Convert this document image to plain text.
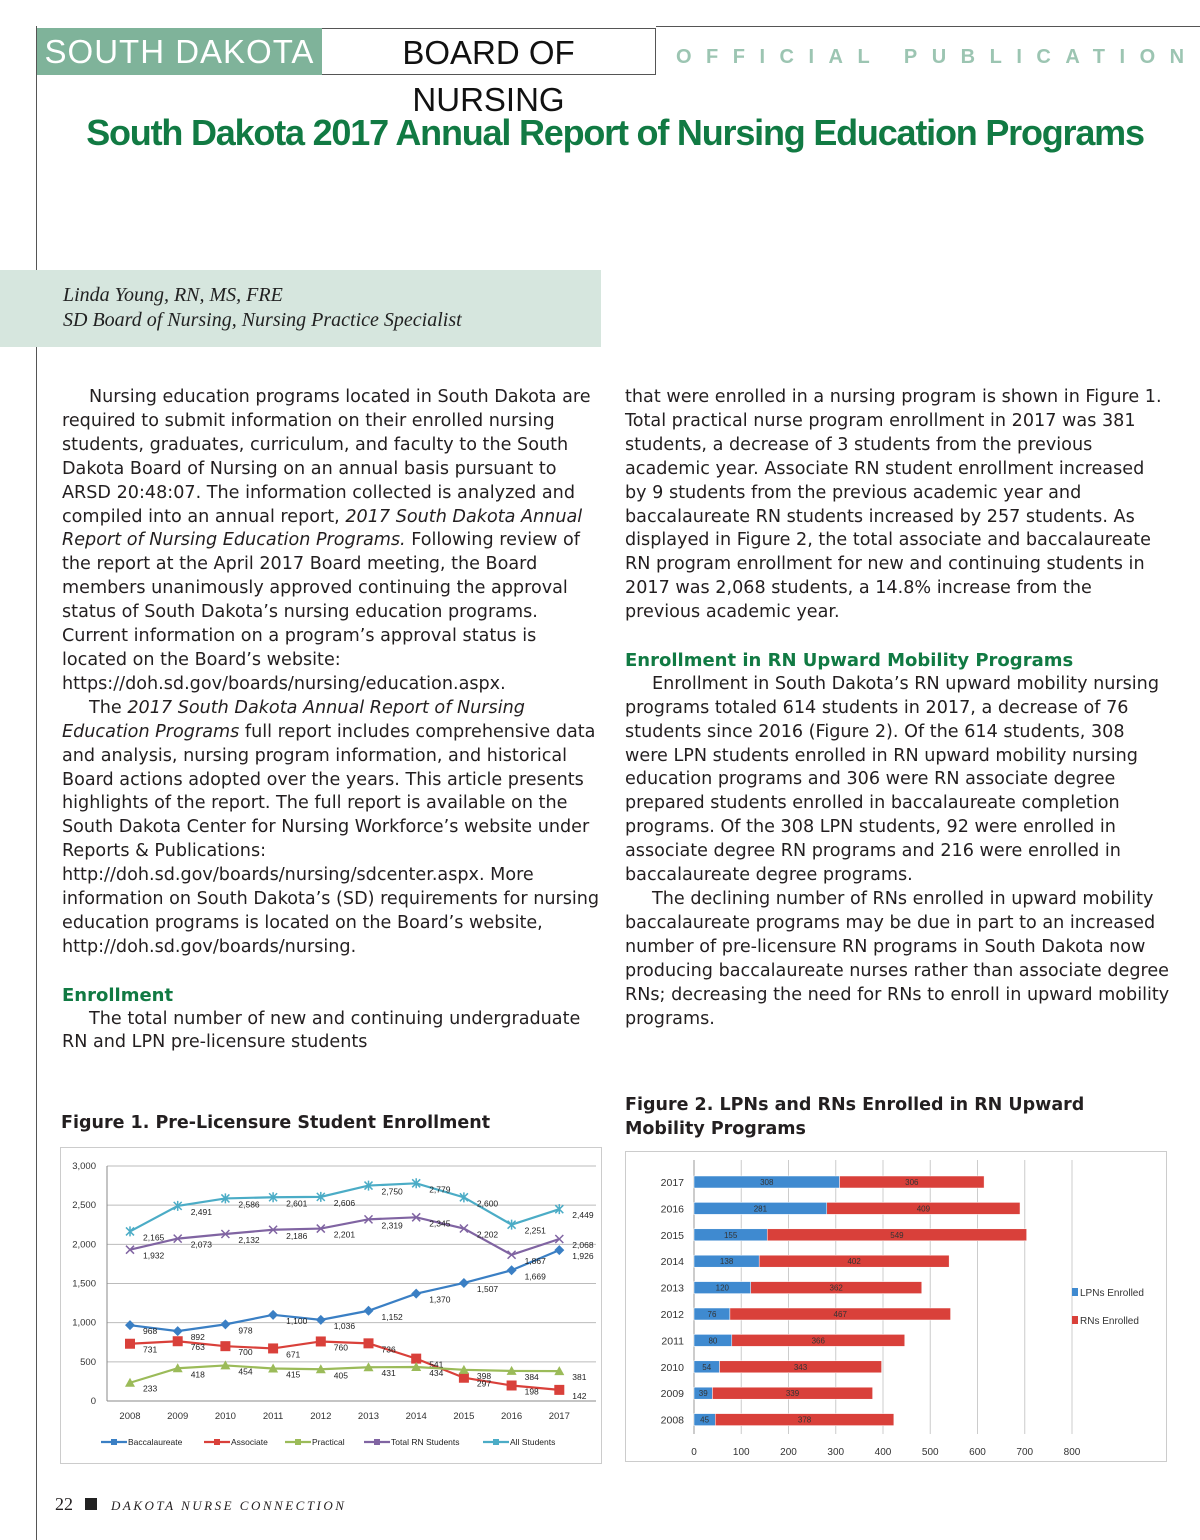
SOUTH DAKOTA	BOARD OF NURSING
OFFICIAL PUBLICATION
South Dakota 2017 Annual Report of Nursing Education Programs
Linda Young, RN, MS, FRE
SD Board of Nursing, Nursing Practice Specialist

Nursing education programs located in South Dakota are required to submit information on their enrolled nursing students, graduates, curriculum, and faculty to the South Dakota Board of Nursing on an annual basis pursuant to ARSD 20:48:07. The information collected is analyzed and compiled into an annual report, 2017 South Dakota Annual Report of Nursing Education Programs. Following review of the report at the April 2017 Board meeting, the Board members unanimously approved continuing the approval status of South Dakota’s nursing education programs. Current information on a program’s approval status is located on the Board’s website: https://doh.sd.gov/boards/nursing/education.aspx.

The 2017 South Dakota Annual Report of Nursing Education Programs full report includes comprehensive data and analysis, nursing program information, and historical Board actions adopted over the years. This article presents highlights of the report. The full report is available on the South Dakota Center for Nursing Workforce’s website under Reports & Publications: http://doh.sd.gov/boards/nursing/sdcenter.aspx. More information on South Dakota’s (SD) requirements for nursing education programs is located on the Board’s website, http://doh.sd.gov/boards/nursing.

Enrollment

The total number of new and continuing undergraduate RN and LPN pre-licensure students

that were enrolled in a nursing program is shown in Figure 1. Total practical nurse program enrollment in 2017 was 381 students, a decrease of 3 students from the previous academic year. Associate RN student enrollment increased by 9 students from the previous academic year and baccalaureate RN students increased by 257 students. As displayed in Figure 2, the total associate and baccalaureate RN program enrollment for new and continuing students in 2017 was 2,068 students, a 14.8% increase from the previous academic year.

Enrollment in RN Upward Mobility Programs

Enrollment in South Dakota’s RN upward mobility nursing programs totaled 614 students in 2017, a decrease of 76 students since 2016 (Figure 2). Of the 614 students, 308 were LPN students enrolled in RN upward mobility nursing education programs and 306 were RN associate degree prepared students enrolled in baccalaureate completion programs. Of the 308 LPN students, 92 were enrolled in associate degree RN programs and 216 were enrolled in baccalaureate degree programs.

The declining number of RNs enrolled in upward mobility baccalaureate programs may be due in part to an increased number of pre-licensure RN programs in South Dakota now producing baccalaureate nurses rather than associate degree RNs; decreasing the need for RNs to enroll in upward mobility programs.

Figure 1. Pre-Licensure Student Enrollment
Figure 2. LPNs and RNs Enrolled in RN Upward Mobility Programs
0
500
1,000
1,500
2,000
2,500
3,000
2008	2009	2010	2011	2012	2013	2014	2015	2016	2017
968
892
978
1,100
1,036
1,152
1,370
1,507
1,669
1,926
731	763	700	671
760	736
541
297
198	142
233
418	454	415	405	431	434	398	384	381
1,932
2,073	2,132	2,186	2,201
2,319	2,345
2,202
1,867
2,068
2,165
2,491
2,586	2,601	2,606
2,750	2,779
2,600
2,251
2,449
Baccalaureate	Associate	Practical	Total RN Students	All Students
0	100	200	300	400	500	600	700	800
2017	308	306
2016	281	409
2015	155	549
2014	138	402
2013	120	362
2012	76	467
2011	80	366
2010 54	343
2009 39	339
2008 45	378
LPNs Enrolled
RNs Enrolled
22	DAKOTA NURSE CONNECTION
